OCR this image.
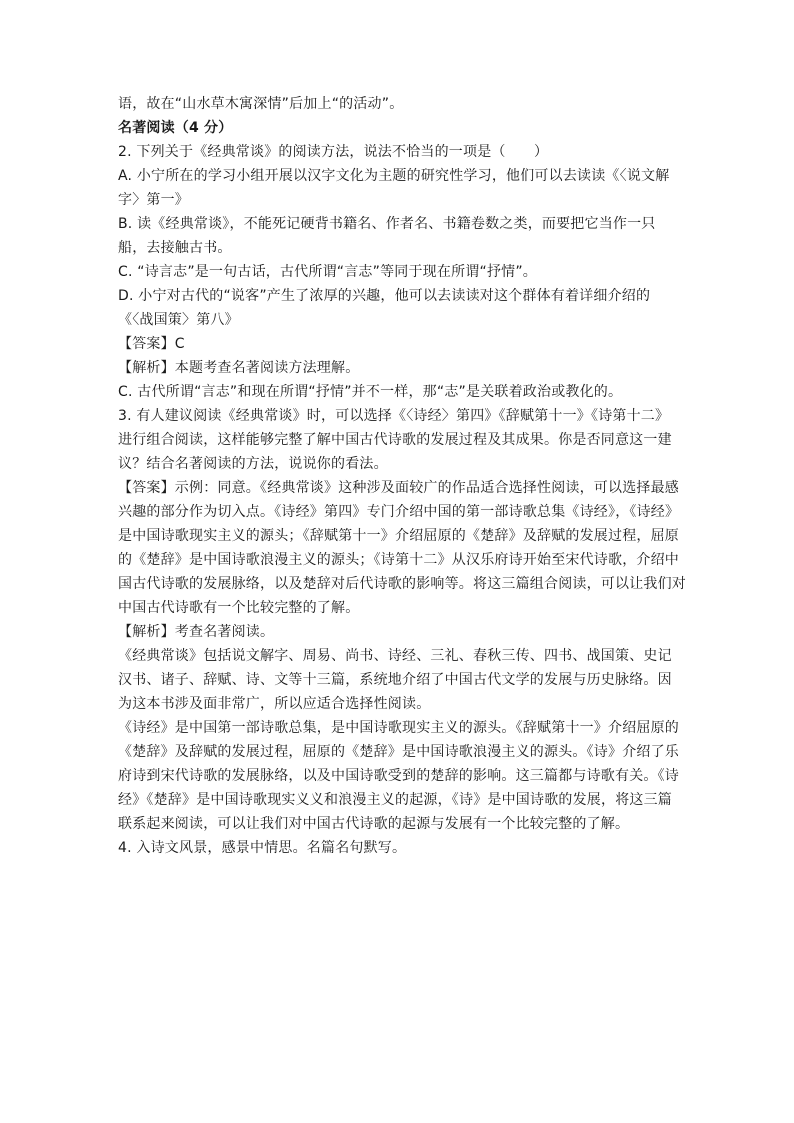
语，故在“山水草木寓深情”后加上“的活动”。
名著阅读（4 分）
2. 下列关于《经典常谈》的阅读方法，说法不恰当的一项是（　　）
A. 小宁所在的学习小组开展以汉字文化为主题的研究性学习，他们可以去读读《〈说文解
字〉第一》
B. 读《经典常谈》，不能死记硬背书籍名、作者名、书籍卷数之类，而要把它当作一只
船，去接触古书。
C. “诗言志”是一句古话，古代所谓“言志”等同于现在所谓“抒情”。
D. 小宁对古代的“说客”产生了浓厚的兴趣，他可以去读读对这个群体有着详细介绍的
《〈战国策〉第八》
【答案】C
【解析】本题考查名著阅读方法理解。
C. 古代所谓“言志”和现在所谓“抒情”并不一样，那“志”是关联着政治或教化的。
3. 有人建议阅读《经典常谈》时，可以选择《〈诗经〉第四》《辞赋第十一》《诗第十二》
进行组合阅读，这样能够完整了解中国古代诗歌的发展过程及其成果。你是否同意这一建
议？结合名著阅读的方法，说说你的看法。
【答案】示例：同意。《经典常谈》这种涉及面较广的作品适合选择性阅读，可以选择最感
兴趣的部分作为切入点。《诗经》第四》专门介绍中国的第一部诗歌总集《诗经》，《诗经》
是中国诗歌现实主义的源头；《辞赋第十一》介绍屈原的《楚辞》及辞赋的发展过程，屈原
的《楚辞》是中国诗歌浪漫主义的源头；《诗第十二》从汉乐府诗开始至宋代诗歌，介绍中
国古代诗歌的发展脉络，以及楚辞对后代诗歌的影响等。将这三篇组合阅读，可以让我们对
中国古代诗歌有一个比较完整的了解。
【解析】考查名著阅读。
《经典常谈》包括说文解字、周易、尚书、诗经、三礼、春秋三传、四书、战国策、史记
汉书、诸子、辞赋、诗、文等十三篇，系统地介绍了中国古代文学的发展与历史脉络。因
为这本书涉及面非常广，所以应适合选择性阅读。
《诗经》是中国第一部诗歌总集，是中国诗歌现实主义的源头。《辞赋第十一》介绍屈原的
《楚辞》及辞赋的发展过程，屈原的《楚辞》是中国诗歌浪漫主义的源头。《诗》介绍了乐
府诗到宋代诗歌的发展脉络，以及中国诗歌受到的楚辞的影响。这三篇都与诗歌有关。《诗
经》《楚辞》是中国诗歌现实义义和浪漫主义的起源，《诗》是中国诗歌的发展，将这三篇
联系起来阅读，可以让我们对中国古代诗歌的起源与发展有一个比较完整的了解。
4. 入诗文风景，感景中情思。名篇名句默写。
